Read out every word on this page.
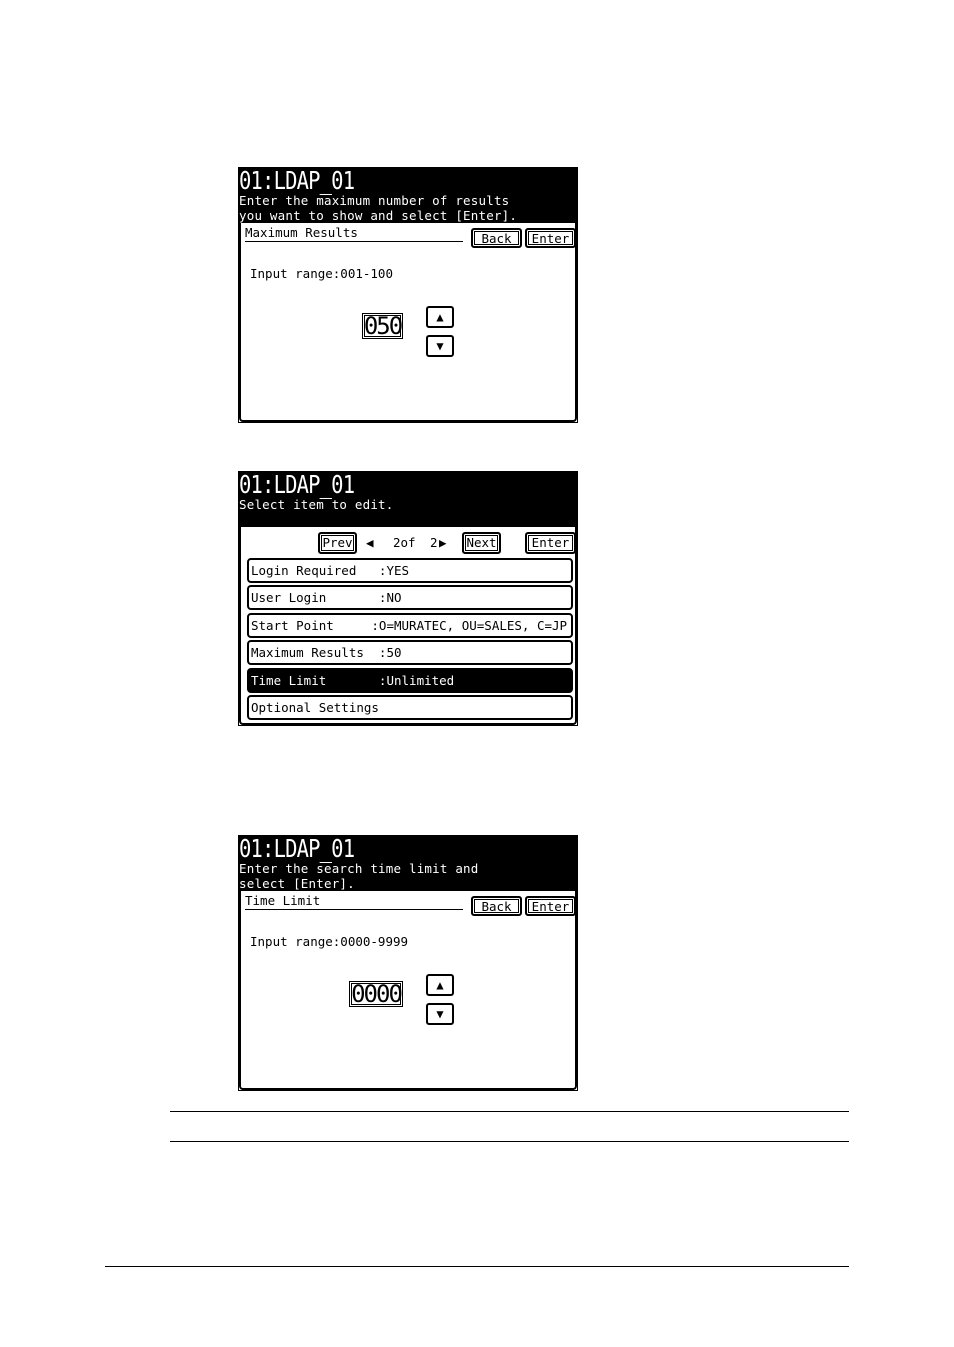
01:LDAP_01
Enter the maximum number of results
you want to show and select [Enter].
Maximum Results	Back	Enter
Input range:001-100
050	▲
▼
01:LDAP_01
Select item to edit.
Prev	◀ 2of 2 ▶	Next	Enter
Login Required   :YES
User Login       :NO
Start Point     :O=MURATEC, OU=SALES, C=JP
Maximum Results  :50
Time Limit       :Unlimited
Optional Settings
01:LDAP_01
Enter the search time limit and
select [Enter].
Time Limit	Back	Enter
Input range:0000-9999
0000	▲
▼
